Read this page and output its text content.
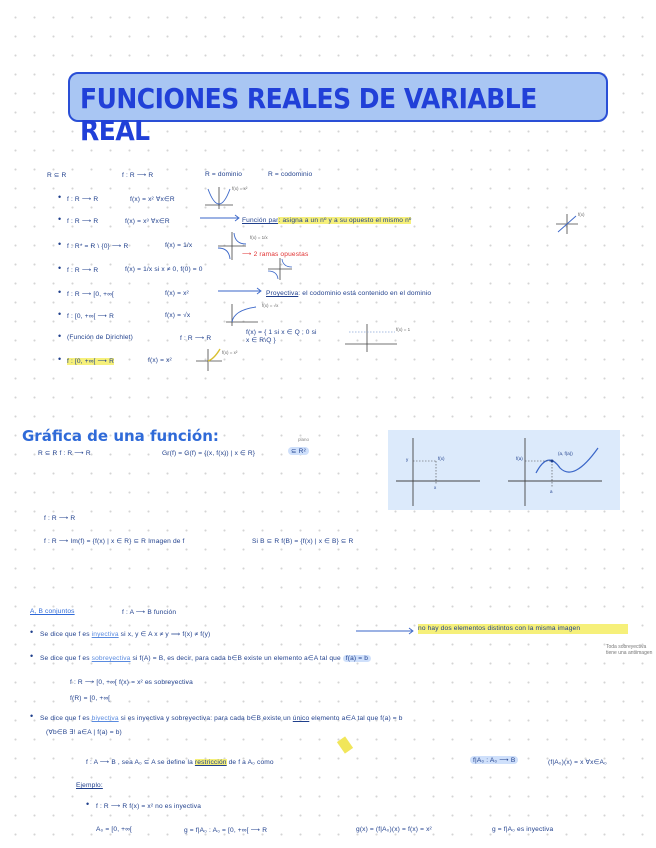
FUNCIONES REALES DE VARIABLE REAL
R ⊆ R	f : R ⟶ R	R = dominio	R = codominio
• f : R ⟶ R	f(x) = x² ∀x∈R
f(x) = x²
• f : R ⟶ R	f(x) = x³ ∀x∈R	Función par: asigna a un nº y a su opuesto el mismo nº
f(x)
• f : R* = R \ {0} ⟶ R	f(x) = 1/x
f(x) = 1/x
⟶ 2 ramas opuestas
• f : R ⟶ R	f(x) = 1/x si x ≠ 0, f(0) = 0
• f : R ⟶ [0, +∞[	f(x) = x²	Proyectiva: el codominio está contenido en el dominio
• f : [0, +∞[ ⟶ R	f(x) = √x
f(x) = √x
• (Función de Dirichlet)	f : R ⟶ R
f(x) = { 1 si x ∈ Q ; 0 si x ∈ R\Q }
f(x) = 1
• f : [0, +∞[ ⟶ R	f(x) = x²
f(x) = x²
Gráfica de una función:
R ⊆ R f : R ⟶ R	Gr(f) = G(f) = {(x, f(x)) | x ∈ R}	⊆ R²
plano
y	f(x)
x
f(a)
(a, f(a))
a
f : R ⟶ R
f : R ⟶ Im(f) = {f(x) | x ∈ R} ⊆ R Imagen de f	Si B ⊆ R f(B) = {f(x) | x ∈ B} ⊆ R
A, B conjuntos	f : A ⟶ B función
• Se dice que f es inyectiva si x, y ∈ A x ≠ y ⟹ f(x) ≠ f(y)
no hay dos elementos distintos con la misma imagen
• Se dice que f es sobreyectiva si f(A) = B, es decir, para cada b∈B existe un elemento a∈A tal que f(a) = b
Toda sobreyectiva tiene una antiimagen
f : R ⟶ [0, +∞[ f(x) = x² es sobreyectiva
f(R) = [0, +∞[
• Se dice que f es biyectiva si es inyectiva y sobreyectiva: para cada b∈B existe un único elemento a∈A tal que f(a) = b
(∀b∈B ∃! a∈A | f(a) = b)
f : A ⟶ B , sea A₀ ⊆ A se define la restricción de f a A₀ como	f|A₀ : A₀ ⟶ B	(f|A₀)(x) = x ∀x∈A₀
Ejemplo:
• f : R ⟶ R f(x) = x² no es inyectiva
A₀ = [0, +∞[	g = f|A₀ : A₀ = [0, +∞[ ⟶ R	g(x) = (f|A₀)(x) = f(x) = x²	g = f|A₀ es inyectiva
